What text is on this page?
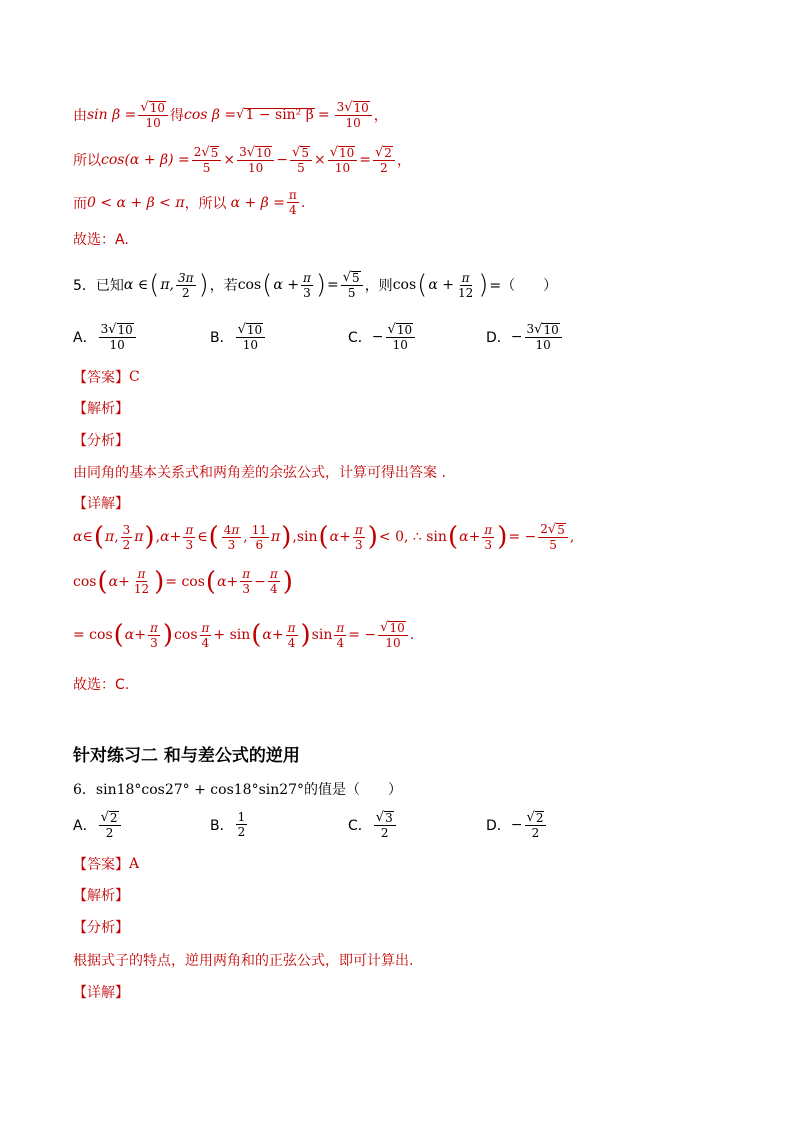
由 $\sin \beta = \frac{√ 10}{10}$ 得 cos β = √ 1 − sin² $\beta = \frac{3 √ 10}{10}$ ，
所以 $\cos(\alpha + \beta) = \frac{2 √ 5}{5} \times \frac{3 √ 10}{10} - \frac{√ 5}{5} \times \frac{√ 10}{10} = \frac{√ 2}{2}$ ，
而 0 < α + β < π ，所以 $\alpha + \beta = \frac{\pi}{4}$ .
故选：A.
5．已知 α ∈ ( π, $\frac{3\pi}{2}$ ) ，若 cos ( $\alpha + \frac{\pi}{3}$ ) = $\frac{√ 5}{5}$ ，则 cos ( $\alpha + \frac{\pi}{12}$ ) =（　　）
A． $\frac{3 √ 10}{10}$	B． $\frac{√ 10}{10}$	C． − $\frac{√ 10}{10}$	D． − $\frac{3 √ 10}{10}$
【答案】 C
【解析】
【分析】
由同角的基本关系式和两角差的余弦公式，计算可得出答案 .
【详解】
α ∈ ( π , $\frac{3}{2}$ π ) , $\alpha + \frac{\pi}{3}$ ∈ ( $\frac{4\pi}{3}$ , $\frac{11}{6}$ π ) , sin ( $\alpha + \frac{\pi}{3}$ ) < 0, ∴ sin ( $\alpha + \frac{\pi}{3}$ ) = − $\frac{2 √ 5}{5}$ ,
cos ( $\alpha + \frac{\pi}{12}$ ) = cos ( $\alpha + \frac{\pi}{3} - \frac{\pi}{4}$ )
= cos ( $\alpha + \frac{\pi}{3}$ ) $\cos \frac{\pi}{4} + \sin$ ( $\alpha + \frac{\pi}{4}$ ) $\sin \frac{\pi}{4}$ = − $\frac{√ 10}{10}$ .
故选：C.
针对练习二 和与差公式的逆用
6．sin18°cos27° + cos18°sin27°的值是（　　）
A． $\frac{√ 2}{2}$	B． $\frac{1}{2}$	C． $\frac{√ 3}{2}$	D． − $\frac{√ 2}{2}$
【答案】 A
【解析】
【分析】
根据式子的特点，逆用两角和的正弦公式，即可计算出.
【详解】
